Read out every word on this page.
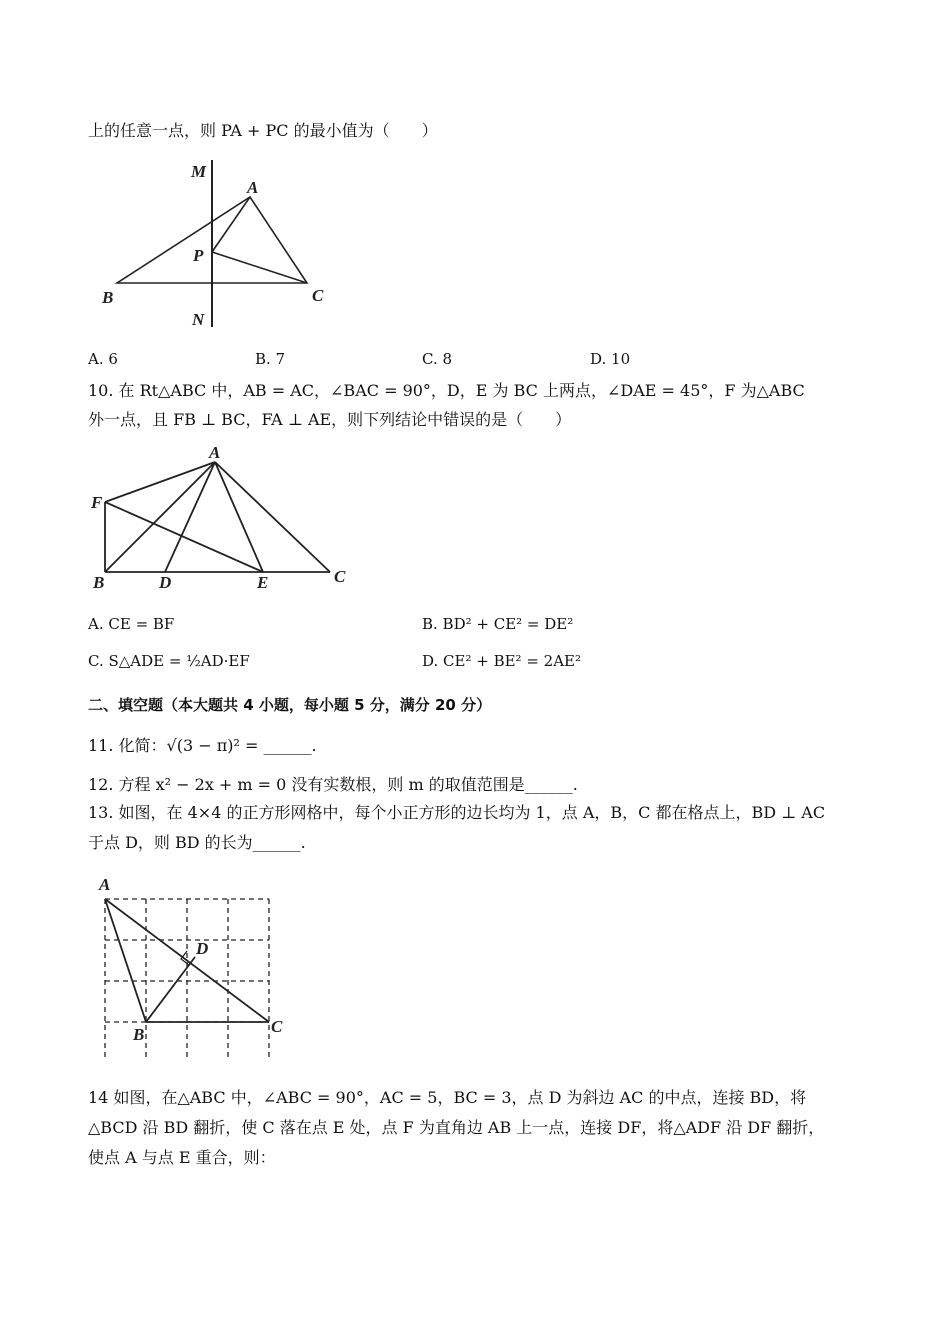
上的任意一点，则 PA + PC 的最小值为（　　）
M
N
A
B	C
P
A. 6	B. 7	C. 8	D. 10
10. 在 Rt△ABC 中，AB = AC，∠BAC = 90°，D，E 为 BC 上两点，∠DAE = 45°，F 为△ABC
外一点，且 FB ⊥ BC，FA ⊥ AE，则下列结论中错误的是（　　）
A
F
B	D	E	C
A. CE = BF	B. BD² + CE² = DE²
C. S△ADE = ½AD·EF	D. CE² + BE² = 2AE²
二、填空题（本大题共 4 小题，每小题 5 分，满分 20 分）
11. 化简：√(3 − π)² = ______.
12. 方程 x² − 2x + m = 0 没有实数根，则 m 的取值范围是______.
13. 如图，在 4×4 的正方形网格中，每个小正方形的边长均为 1，点 A，B，C 都在格点上，BD ⊥ AC
于点 D，则 BD 的长为______.
A
B	C
D
14 如图，在△ABC 中，∠ABC = 90°，AC = 5，BC = 3，点 D 为斜边 AC 的中点，连接 BD，将
△BCD 沿 BD 翻折，使 C 落在点 E 处，点 F 为直角边 AB 上一点，连接 DF，将△ADF 沿 DF 翻折，
使点 A 与点 E 重合，则：
